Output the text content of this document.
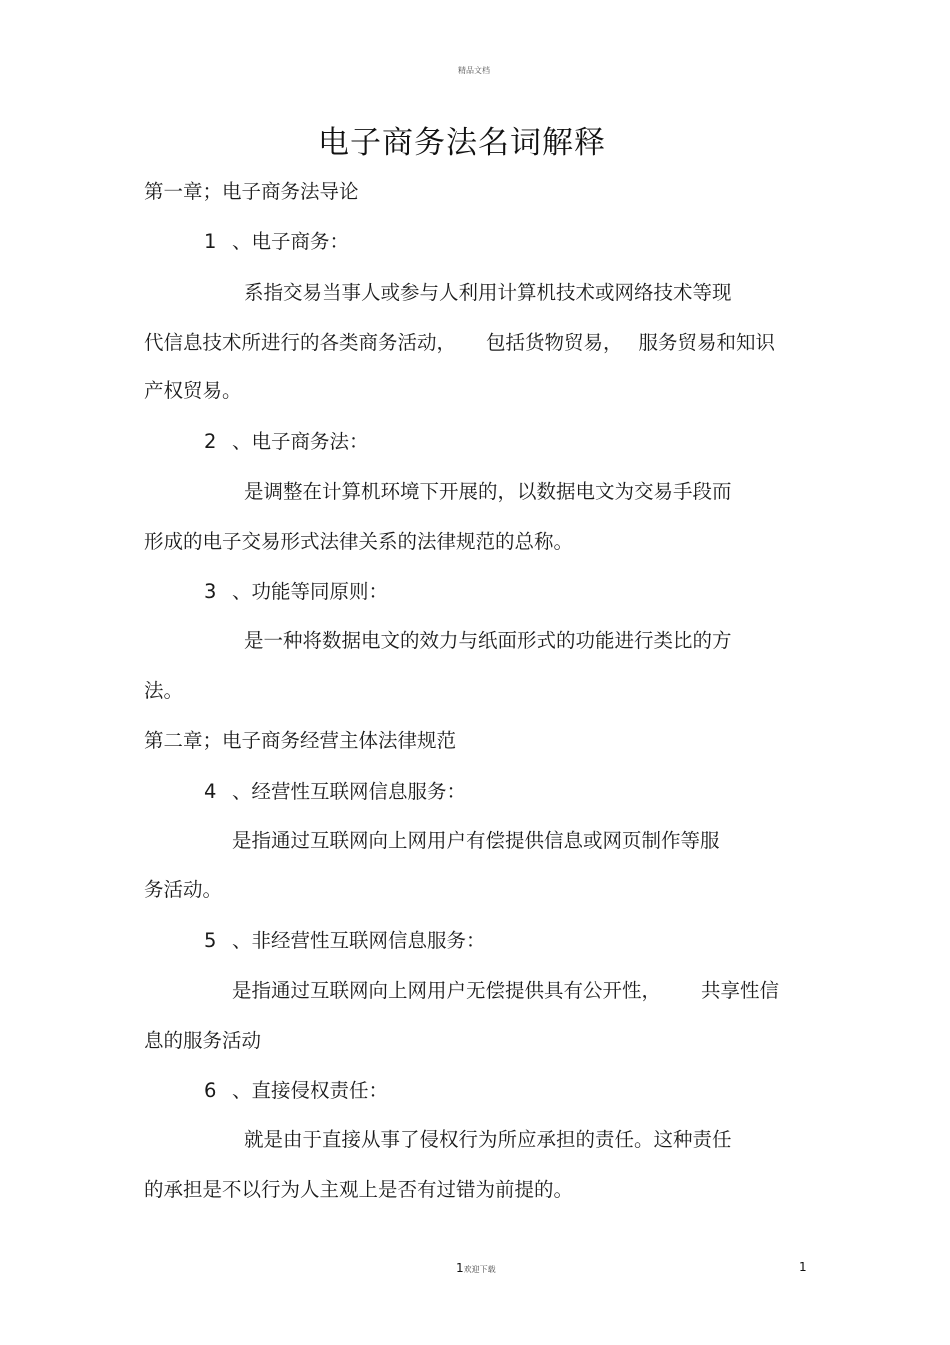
精品文档
电子商务法名词解释
第一章；电子商务法导论
1 、电子商务：
系指交易当事人或参与人利用计算机技术或网络技术等现
代信息技术所进行的各类商务活动， 包括货物贸易， 服务贸易和知识
产权贸易。
2 、电子商务法：
是调整在计算机环境下开展的，以数据电文为交易手段而
形成的电子交易形式法律关系的法律规范的总称。
3 、功能等同原则：
是一种将数据电文的效力与纸面形式的功能进行类比的方
法。
第二章；电子商务经营主体法律规范
4 、经营性互联网信息服务：
是指通过互联网向上网用户有偿提供信息或网页制作等服
务活动。
5 、非经营性互联网信息服务：
是指通过互联网向上网用户无偿提供具有公开性， 共享性信
息的服务活动
6 、直接侵权责任：
就是由于直接从事了侵权行为所应承担的责任。这种责任
的承担是不以行为人主观上是否有过错为前提的。
1欢迎下载	1
